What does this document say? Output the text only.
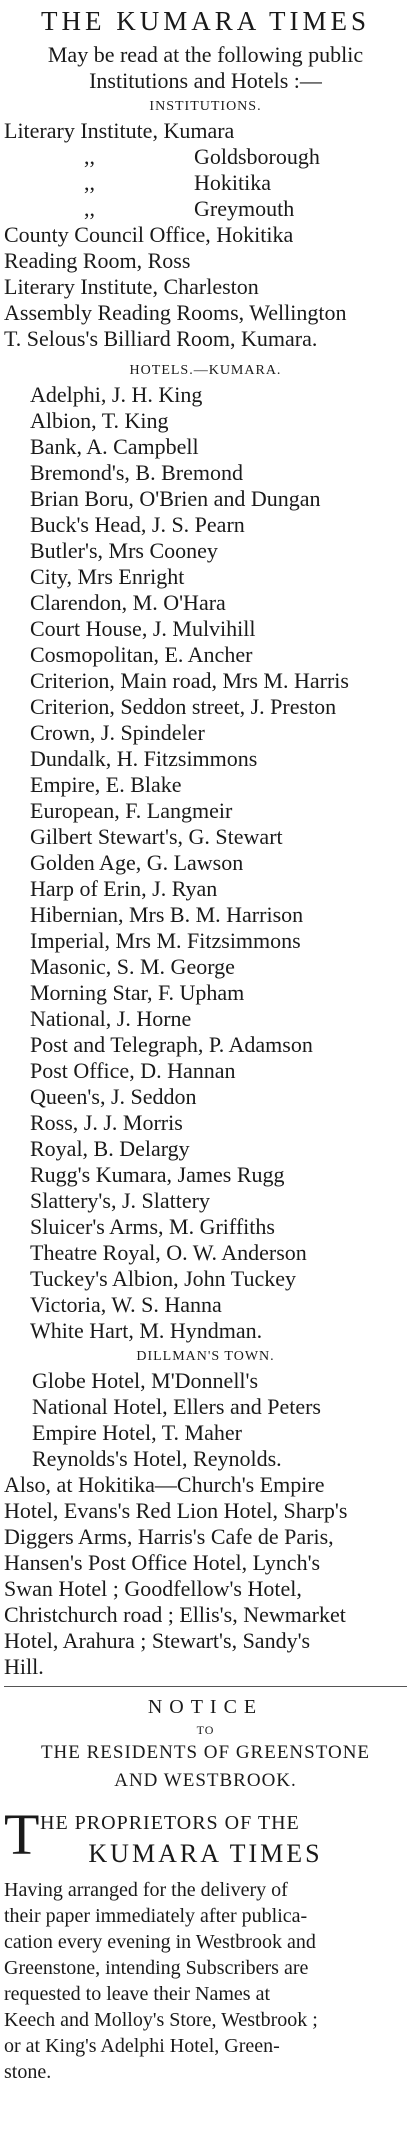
THE KUMARA TIMES
May be read at the following public
Institutions and Hotels :—
INSTITUTIONS.
Literary Institute, Kumara
,,	Goldsborough
,,	Hokitika
,,	Greymouth
County Council Office, Hokitika
Reading Room, Ross
Literary Institute, Charleston
Assembly Reading Rooms, Wellington
T. Selous's Billiard Room, Kumara.
HOTELS.—KUMARA.
Adelphi, J. H. King
Albion, T. King
Bank, A. Campbell
Bremond's, B. Bremond
Brian Boru, O'Brien and Dungan
Buck's Head, J. S. Pearn
Butler's, Mrs Cooney
City, Mrs Enright
Clarendon, M. O'Hara
Court House, J. Mulvihill
Cosmopolitan, E. Ancher
Criterion, Main road, Mrs M. Harris
Criterion, Seddon street, J. Preston
Crown, J. Spindeler
Dundalk, H. Fitzsimmons
Empire, E. Blake
European, F. Langmeir
Gilbert Stewart's, G. Stewart
Golden Age, G. Lawson
Harp of Erin, J. Ryan
Hibernian, Mrs B. M. Harrison
Imperial, Mrs M. Fitzsimmons
Masonic, S. M. George
Morning Star, F. Upham
National, J. Horne
Post and Telegraph, P. Adamson
Post Office, D. Hannan
Queen's, J. Seddon
Ross, J. J. Morris
Royal, B. Delargy
Rugg's Kumara, James Rugg
Slattery's, J. Slattery
Sluicer's Arms, M. Griffiths
Theatre Royal, O. W. Anderson
Tuckey's Albion, John Tuckey
Victoria, W. S. Hanna
White Hart, M. Hyndman.
DILLMAN'S TOWN.
Globe Hotel, M'Donnell's
National Hotel, Ellers and Peters
Empire Hotel, T. Maher
Reynolds's Hotel, Reynolds.
Also, at Hokitika—Church's Empire
Hotel, Evans's Red Lion Hotel, Sharp's
Diggers Arms, Harris's Cafe de Paris,
Hansen's Post Office Hotel, Lynch's
Swan Hotel ; Goodfellow's Hotel,
Christchurch road ; Ellis's, Newmarket
Hotel, Arahura ; Stewart's, Sandy's
Hill.
NOTICE
TO
THE RESIDENTS OF GREENSTONE
AND WESTBROOK.
T HE PROPRIETORS OF THE
KUMARA TIMES
Having arranged for the delivery of
their paper immediately after publica-
cation every evening in Westbrook and
Greenstone, intending Subscribers are
requested to leave their Names at
Keech and Molloy's Store, Westbrook ;
or at King's Adelphi Hotel, Green-
stone.
